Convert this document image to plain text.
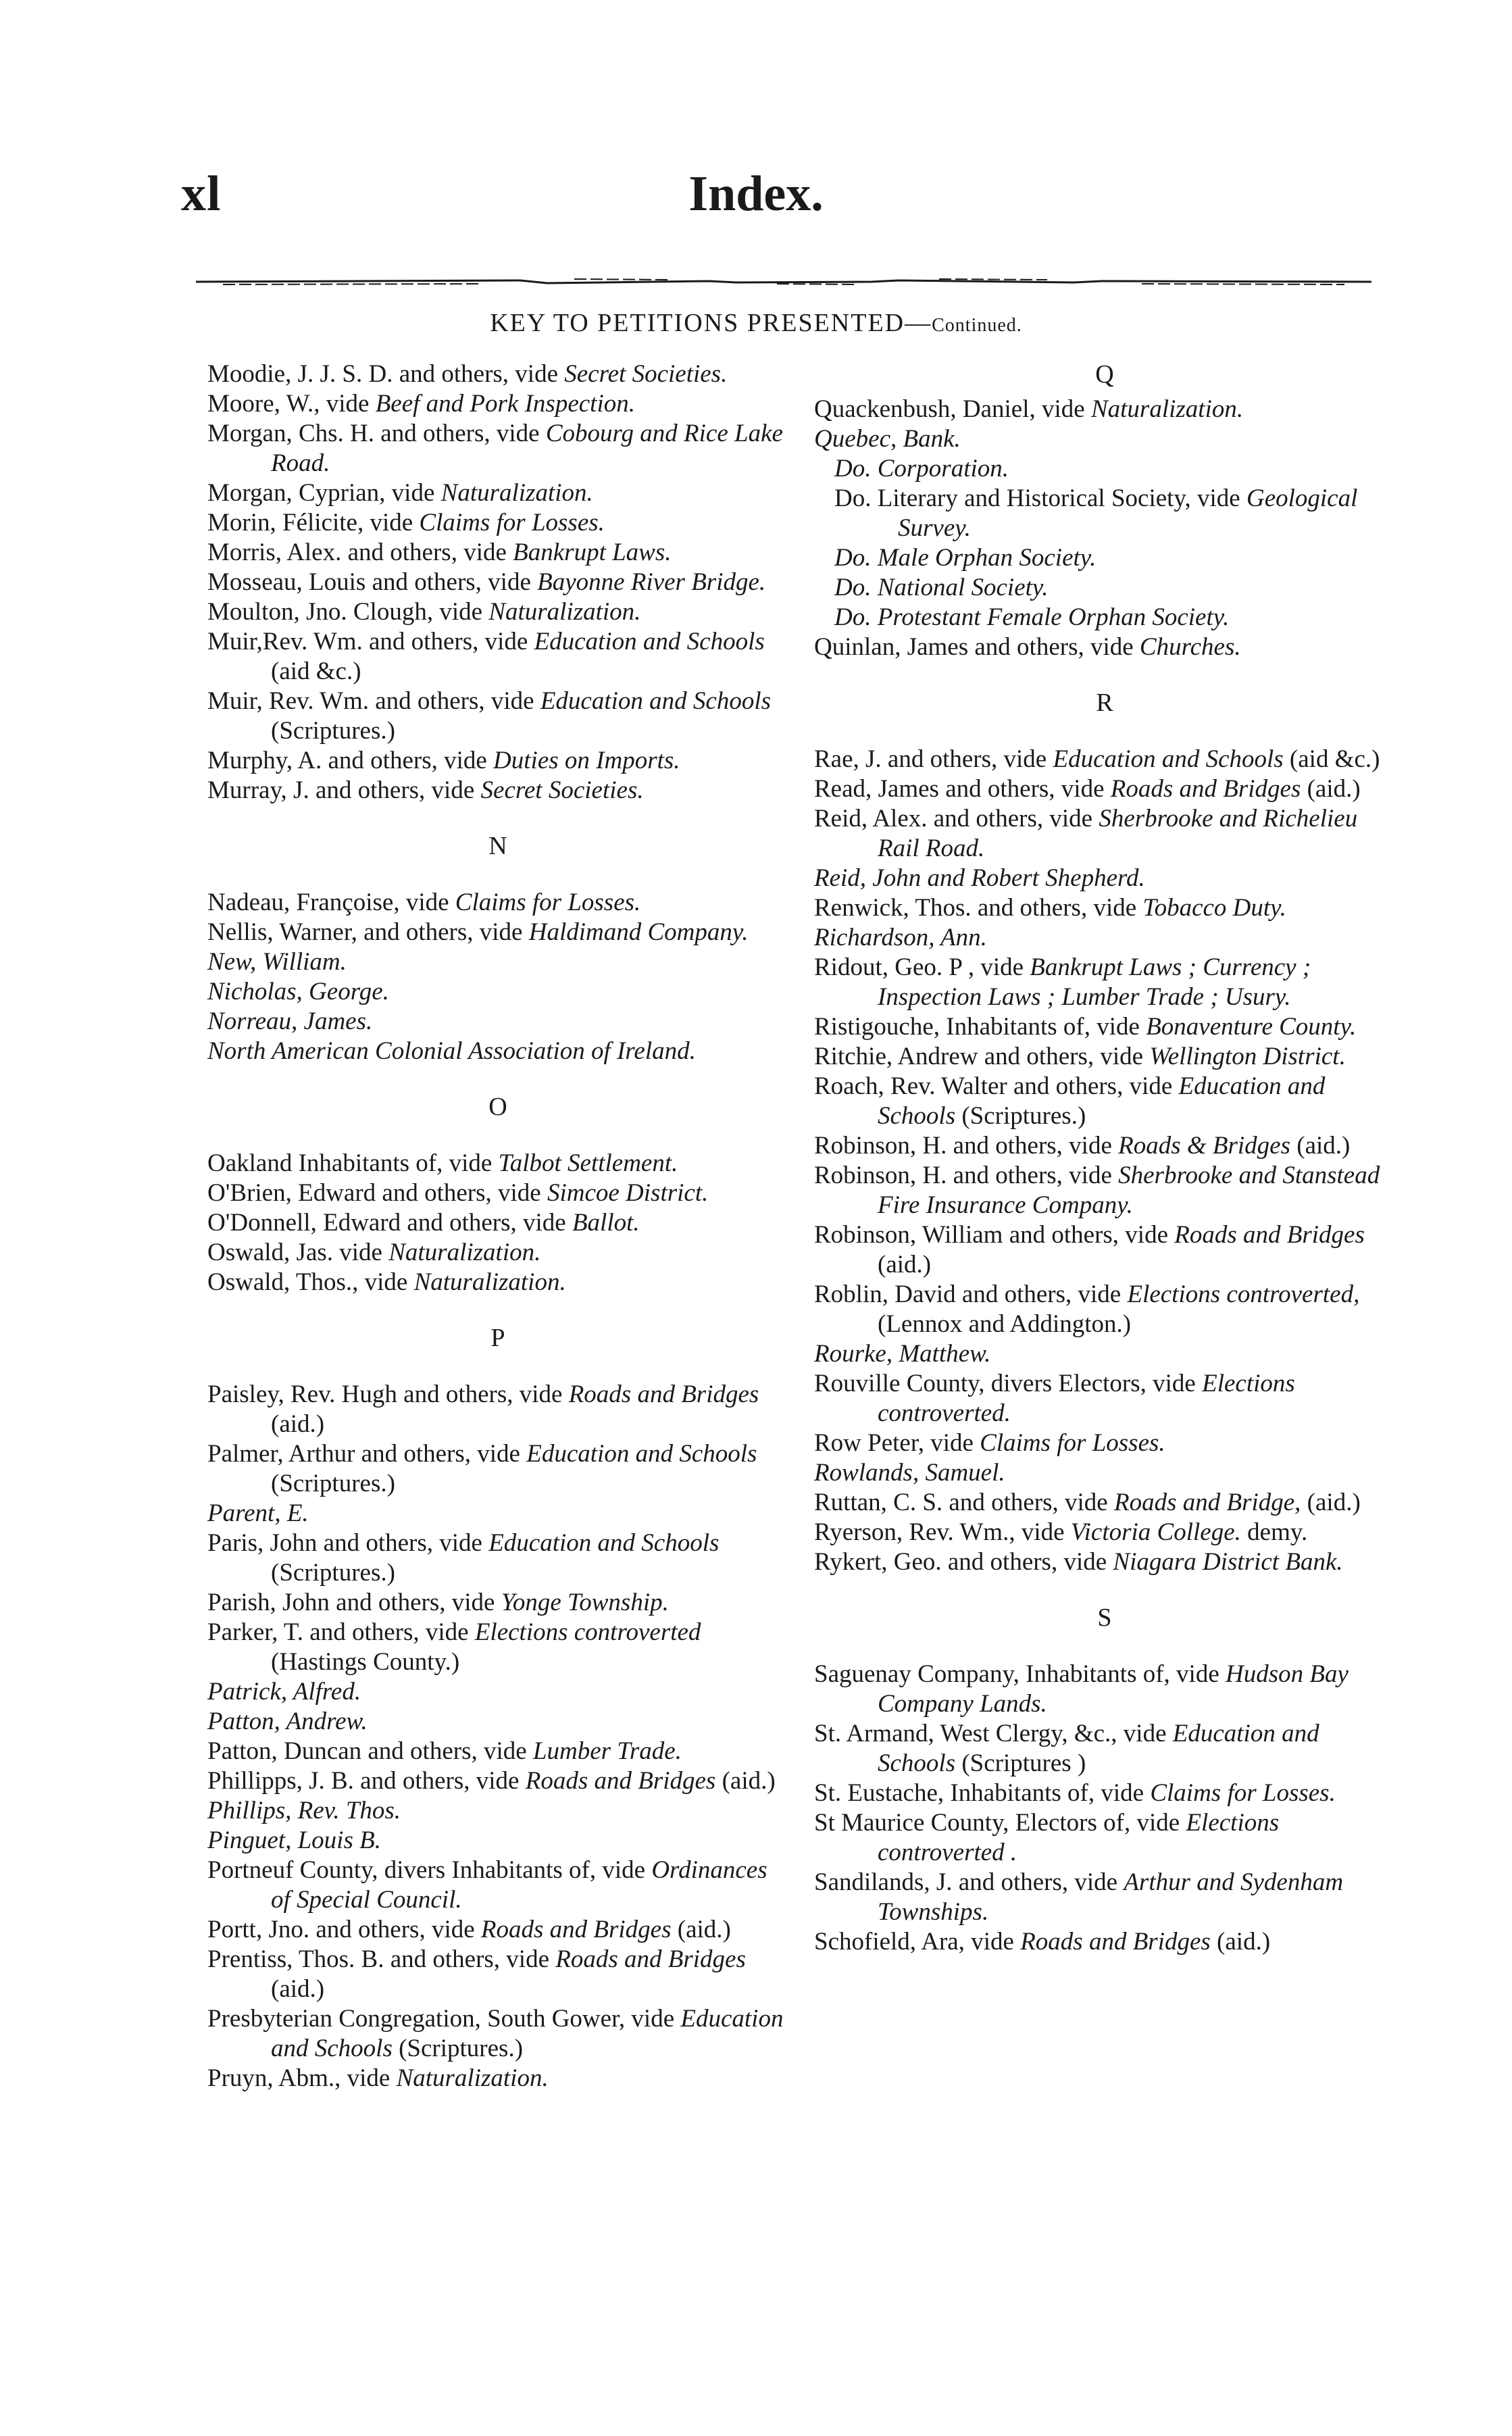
xl	Index.
KEY TO PETITIONS PRESENTED—Continued.

Moodie, J. J. S. D. and others, vide Secret Societies.

Moore, W., vide Beef and Pork Inspection.

Morgan, Chs. H. and others, vide Cobourg and Rice Lake Road.

Morgan, Cyprian, vide Naturalization.

Morin, Félicite, vide Claims for Losses.

Morris, Alex. and others, vide Bankrupt Laws.

Mosseau, Louis and others, vide Bayonne River Bridge.

Moulton, Jno. Clough, vide Naturalization.

Muir,Rev. Wm. and others, vide Education and Schools (aid &c.)

Muir, Rev. Wm. and others, vide Education and Schools (Scriptures.)

Murphy, A. and others, vide Duties on Imports.

Murray, J. and others, vide Secret Societies.

N

Nadeau, Françoise, vide Claims for Losses.

Nellis, Warner, and others, vide Haldimand Company.

New, William.

Nicholas, George.

Norreau, James.

North American Colonial Association of Ireland.

O

Oakland Inhabitants of, vide Talbot Settlement.

O'Brien, Edward and others, vide Simcoe District.

O'Donnell, Edward and others, vide Ballot.

Oswald, Jas. vide Naturalization.

Oswald, Thos., vide Naturalization.

P

Paisley, Rev. Hugh and others, vide Roads and Bridges (aid.)

Palmer, Arthur and others, vide Education and Schools (Scriptures.)

Parent, E.

Paris, John and others, vide Education and Schools (Scriptures.)

Parish, John and others, vide Yonge Township.

Parker, T. and others, vide Elections controverted (Hastings County.)

Patrick, Alfred.

Patton, Andrew.

Patton, Duncan and others, vide Lumber Trade.

Phillipps, J. B. and others, vide Roads and Bridges (aid.)

Phillips, Rev. Thos.

Pinguet, Louis B.

Portneuf County, divers Inhabitants of, vide Ordinances of Special Council.

Portt, Jno. and others, vide Roads and Bridges (aid.)

Prentiss, Thos. B. and others, vide Roads and Bridges (aid.)

Presbyterian Congregation, South Gower, vide Education and Schools (Scriptures.)

Pruyn, Abm., vide Naturalization.

Q

Quackenbush, Daniel, vide Naturalization.

Quebec, Bank.

Do. Corporation.

Do. Literary and Historical Society, vide Geological Survey.

Do. Male Orphan Society.

Do. National Society.

Do. Protestant Female Orphan Society.

Quinlan, James and others, vide Churches.

R

Rae, J. and others, vide Education and Schools (aid &c.)

Read, James and others, vide Roads and Bridges (aid.)

Reid, Alex. and others, vide Sherbrooke and Richelieu Rail Road.

Reid, John and Robert Shepherd.

Renwick, Thos. and others, vide Tobacco Duty.

Richardson, Ann.

Ridout, Geo. P , vide Bankrupt Laws ; Currency ; Inspection Laws ; Lumber Trade ; Usury.

Ristigouche, Inhabitants of, vide Bonaventure County.

Ritchie, Andrew and others, vide Wellington District.

Roach, Rev. Walter and others, vide Education and Schools (Scriptures.)

Robinson, H. and others, vide Roads & Bridges (aid.)

Robinson, H. and others, vide Sherbrooke and Stanstead Fire Insurance Company.

Robinson, William and others, vide Roads and Bridges (aid.)

Roblin, David and others, vide Elections controverted, (Lennox and Addington.)

Rourke, Matthew.

Rouville County, divers Electors, vide Elections controverted.

Row Peter, vide Claims for Losses.

Rowlands, Samuel.

Ruttan, C. S. and others, vide Roads and Bridge, (aid.)

Ryerson, Rev. Wm., vide Victoria College. demy.

Rykert, Geo. and others, vide Niagara District Bank.

S

Saguenay Company, Inhabitants of, vide Hudson Bay Company Lands.

St. Armand, West Clergy, &c., vide Education and Schools (Scriptures )

St. Eustache, Inhabitants of, vide Claims for Losses.

St Maurice County, Electors of, vide Elections controverted .

Sandilands, J. and others, vide Arthur and Sydenham Townships.

Schofield, Ara, vide Roads and Bridges (aid.)
